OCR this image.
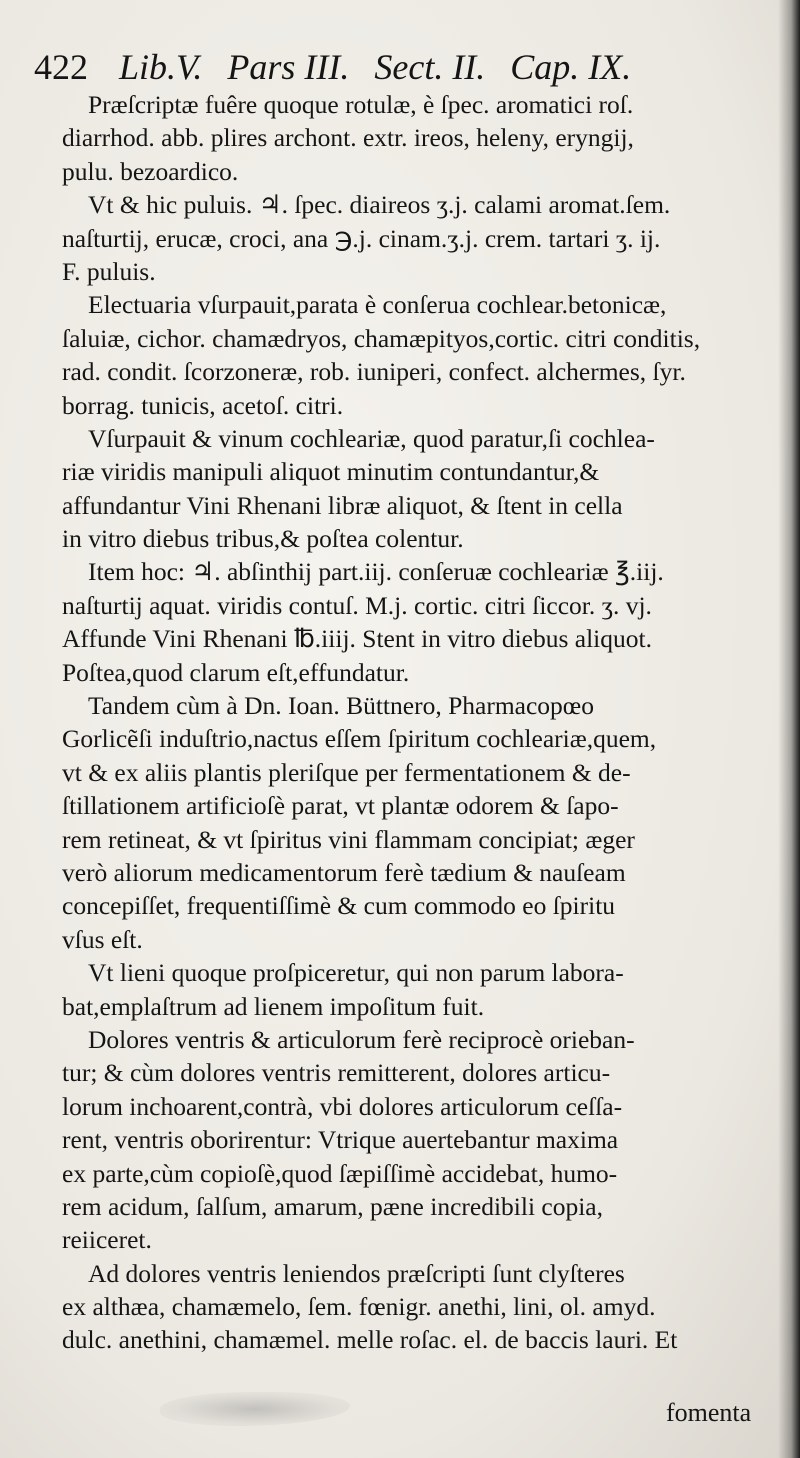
422 Lib.V. Pars III. Sect. II. Cap. IX.
Præſcriptæ fuêre quoque rotulæ, è ſpec. aromatici roſ.
diarrhod. abb. plires archont. extr. ireos, heleny, eryngij,
pulu. bezoardico.
Vt & hic puluis. ♃. ſpec. diaireos ʒ.j. calami aromat.ſem.
naſturtij, erucæ, croci, ana ℈.j. cinam.ʒ.j. crem. tartari ʒ. ij.
F. puluis.
Electuaria vſurpauit,parata è conſerua cochlear.betonicæ,
ſaluiæ, cichor. chamædryos, chamæpityos,cortic. citri conditis,
rad. condit. ſcorzoneræ, rob. iuniperi, confect. alchermes, ſyr.
borrag. tunicis, acetoſ. citri.
Vſurpauit & vinum cochleariæ, quod paratur,ſi cochlea-
riæ viridis manipuli aliquot minutim contundantur,&
affundantur Vini Rhenani libræ aliquot, & ſtent in cella
in vitro diebus tribus,& poſtea colentur.
Item hoc: ♃. abſinthij part.iij. conſeruæ cochleariæ ℥.iij.
naſturtij aquat. viridis contuſ. M.j. cortic. citri ſiccor. ʒ. vj.
Affunde Vini Rhenani ℔.iiij. Stent in vitro diebus aliquot.
Poſtea,quod clarum eſt,effundatur.
Tandem cùm à Dn. Ioan. Büttnero, Pharmacopœo
Gorlicẽſi induſtrio,nactus eſſem ſpiritum cochleariæ,quem,
vt & ex aliis plantis pleriſque per fermentationem & de-
ſtillationem artificioſè parat, vt plantæ odorem & ſapo-
rem retineat, & vt ſpiritus vini flammam concipiat; æger
verò aliorum medicamentorum ferè tædium & nauſeam
concepiſſet, frequentiſſimè & cum commodo eo ſpiritu
vſus eſt.
Vt lieni quoque proſpiceretur, qui non parum labora-
bat,emplaſtrum ad lienem impoſitum fuit.
Dolores ventris & articulorum ferè reciprocè orieban-
tur; & cùm dolores ventris remitterent, dolores articu-
lorum inchoarent,contrà, vbi dolores articulorum ceſſa-
rent, ventris oborirentur: Vtrique auertebantur maxima
ex parte,cùm copioſè,quod ſæpiſſimè accidebat, humo-
rem acidum, ſalſum, amarum, pæne incredibili copia,
reiiceret.
Ad dolores ventris leniendos præſcripti ſunt clyſteres
ex althæa, chamæmelo, ſem. fœnigr. anethi, lini, ol. amyd.
dulc. anethini, chamæmel. melle roſac. el. de baccis lauri. Et
fomenta
